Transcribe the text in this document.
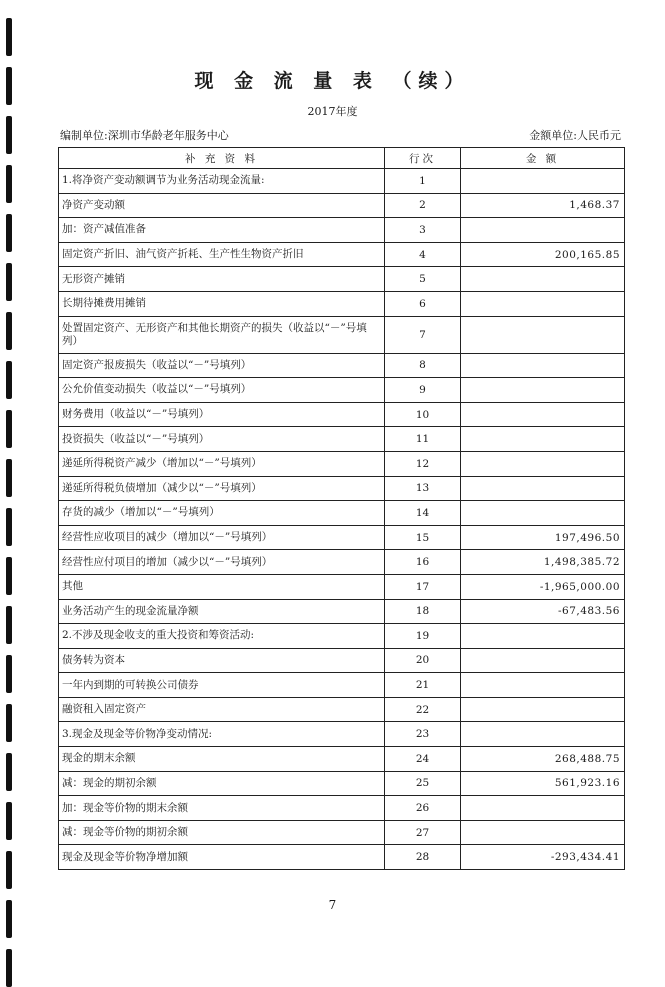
现 金 流 量 表 （续）
2017年度
编制单位:深圳市华龄老年服务中心	金额单位:人民币元
补 充 资 料	行次	金 额
1.将净资产变动额调节为业务活动现金流量:	1	
净资产变动额	2	1,468.37
加：资产减值准备	3	
固定资产折旧、油气资产折耗、生产性生物资产折旧	4	200,165.85
无形资产摊销	5	
长期待摊费用摊销	6	
处置固定资产、无形资产和其他长期资产的损失（收益以“－”号填列）	7	
固定资产报废损失（收益以“－”号填列）	8	
公允价值变动损失（收益以“－”号填列）	9	
财务费用（收益以“－”号填列）	10	
投资损失（收益以“－”号填列）	11	
递延所得税资产减少（增加以“－”号填列）	12	
递延所得税负债增加（减少以“－”号填列）	13	
存货的减少（增加以“－”号填列）	14	
经营性应收项目的减少（增加以“－”号填列）	15	197,496.50
经营性应付项目的增加（减少以“－”号填列）	16	1,498,385.72
其他	17	-1,965,000.00
业务活动产生的现金流量净额	18	-67,483.56
2.不涉及现金收支的重大投资和筹资活动:	19	
债务转为资本	20	
一年内到期的可转换公司债券	21	
融资租入固定资产	22	
3.现金及现金等价物净变动情况:	23	
现金的期末余额	24	268,488.75
减：现金的期初余额	25	561,923.16
加：现金等价物的期末余额	26	
减：现金等价物的期初余额	27	
现金及现金等价物净增加额	28	-293,434.41
7
